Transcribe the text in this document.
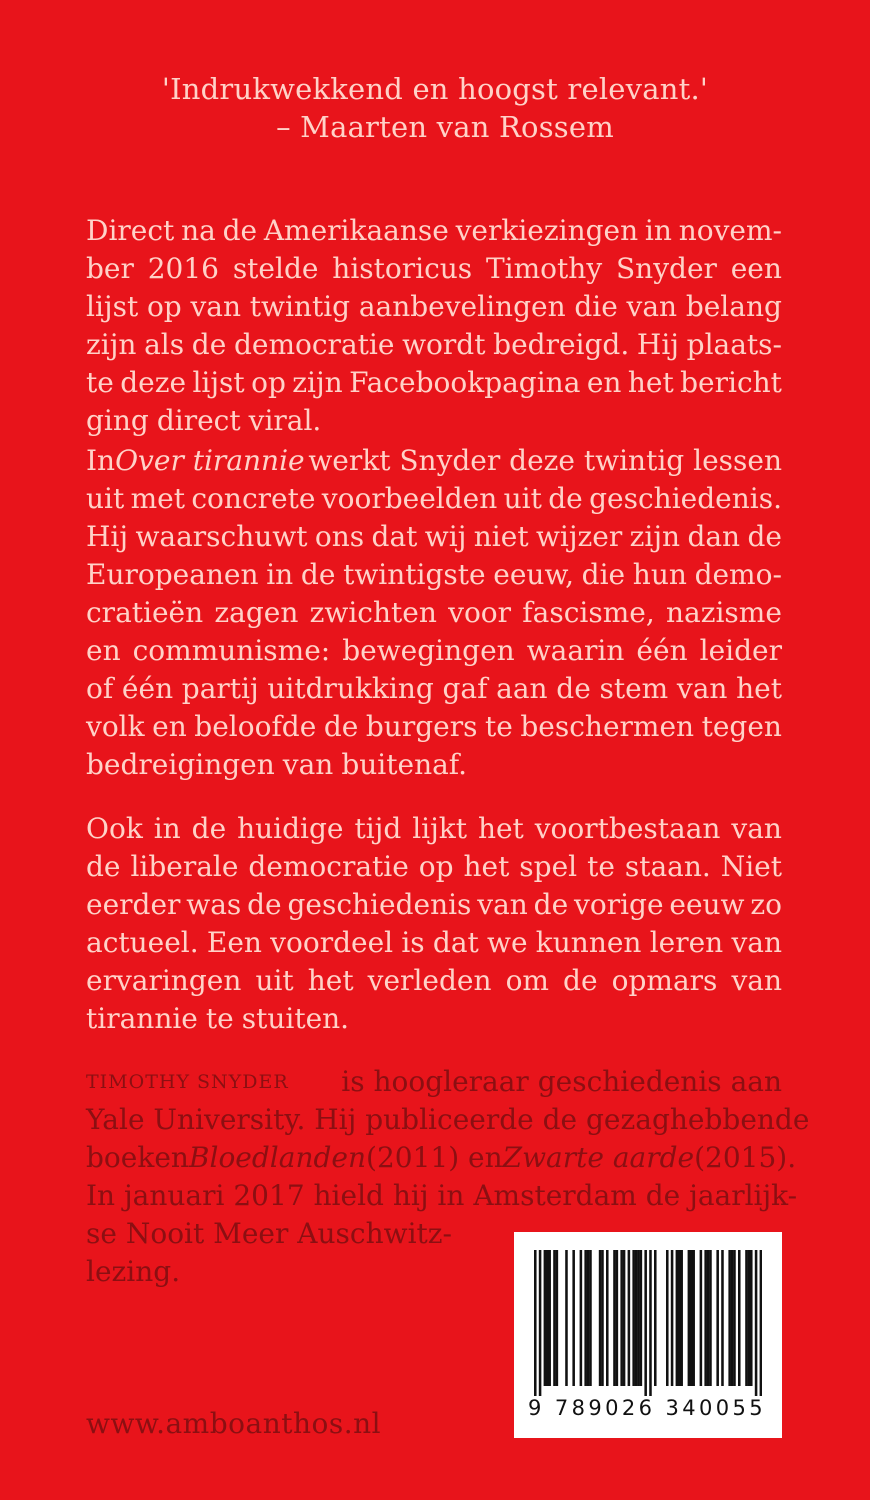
'Indrukwekkend en hoogst relevant.'
– Maarten van Rossem
Direct na de Amerikaanse verkiezingen in novem-
ber 2016 stelde historicus Timothy Snyder een
lijst op van twintig aanbevelingen die van belang
zijn als de democratie wordt bedreigd. Hij plaats-
te deze lijst op zijn Facebookpagina en het bericht
ging direct viral.
In Over tirannie werkt Snyder deze twintig lessen
uit met concrete voorbeelden uit de geschiedenis.
Hij waarschuwt ons dat wij niet wijzer zijn dan de
Europeanen in de twintigste eeuw, die hun demo-
cratieën zagen zwichten voor fascisme, nazisme
en communisme: bewegingen waarin één leider
of één partij uitdrukking gaf aan de stem van het
volk en beloofde de burgers te beschermen tegen
bedreigingen van buitenaf.
Ook in de huidige tijd lijkt het voortbestaan van
de liberale democratie op het spel te staan. Niet
eerder was de geschiedenis van de vorige eeuw zo
actueel. Een voordeel is dat we kunnen leren van
ervaringen uit het verleden om de opmars van
tirannie te stuiten.
TIMOTHY SNYDER is hoogleraar geschiedenis aan
Yale University. Hij publiceerde de gezaghebbende
boeken Bloedlanden (2011) en Zwarte aarde (2015).
In januari 2017 hield hij in Amsterdam de jaarlijk-
se Nooit Meer Auschwitz-
lezing.
www.amboanthos.nl	9 789026 340055
